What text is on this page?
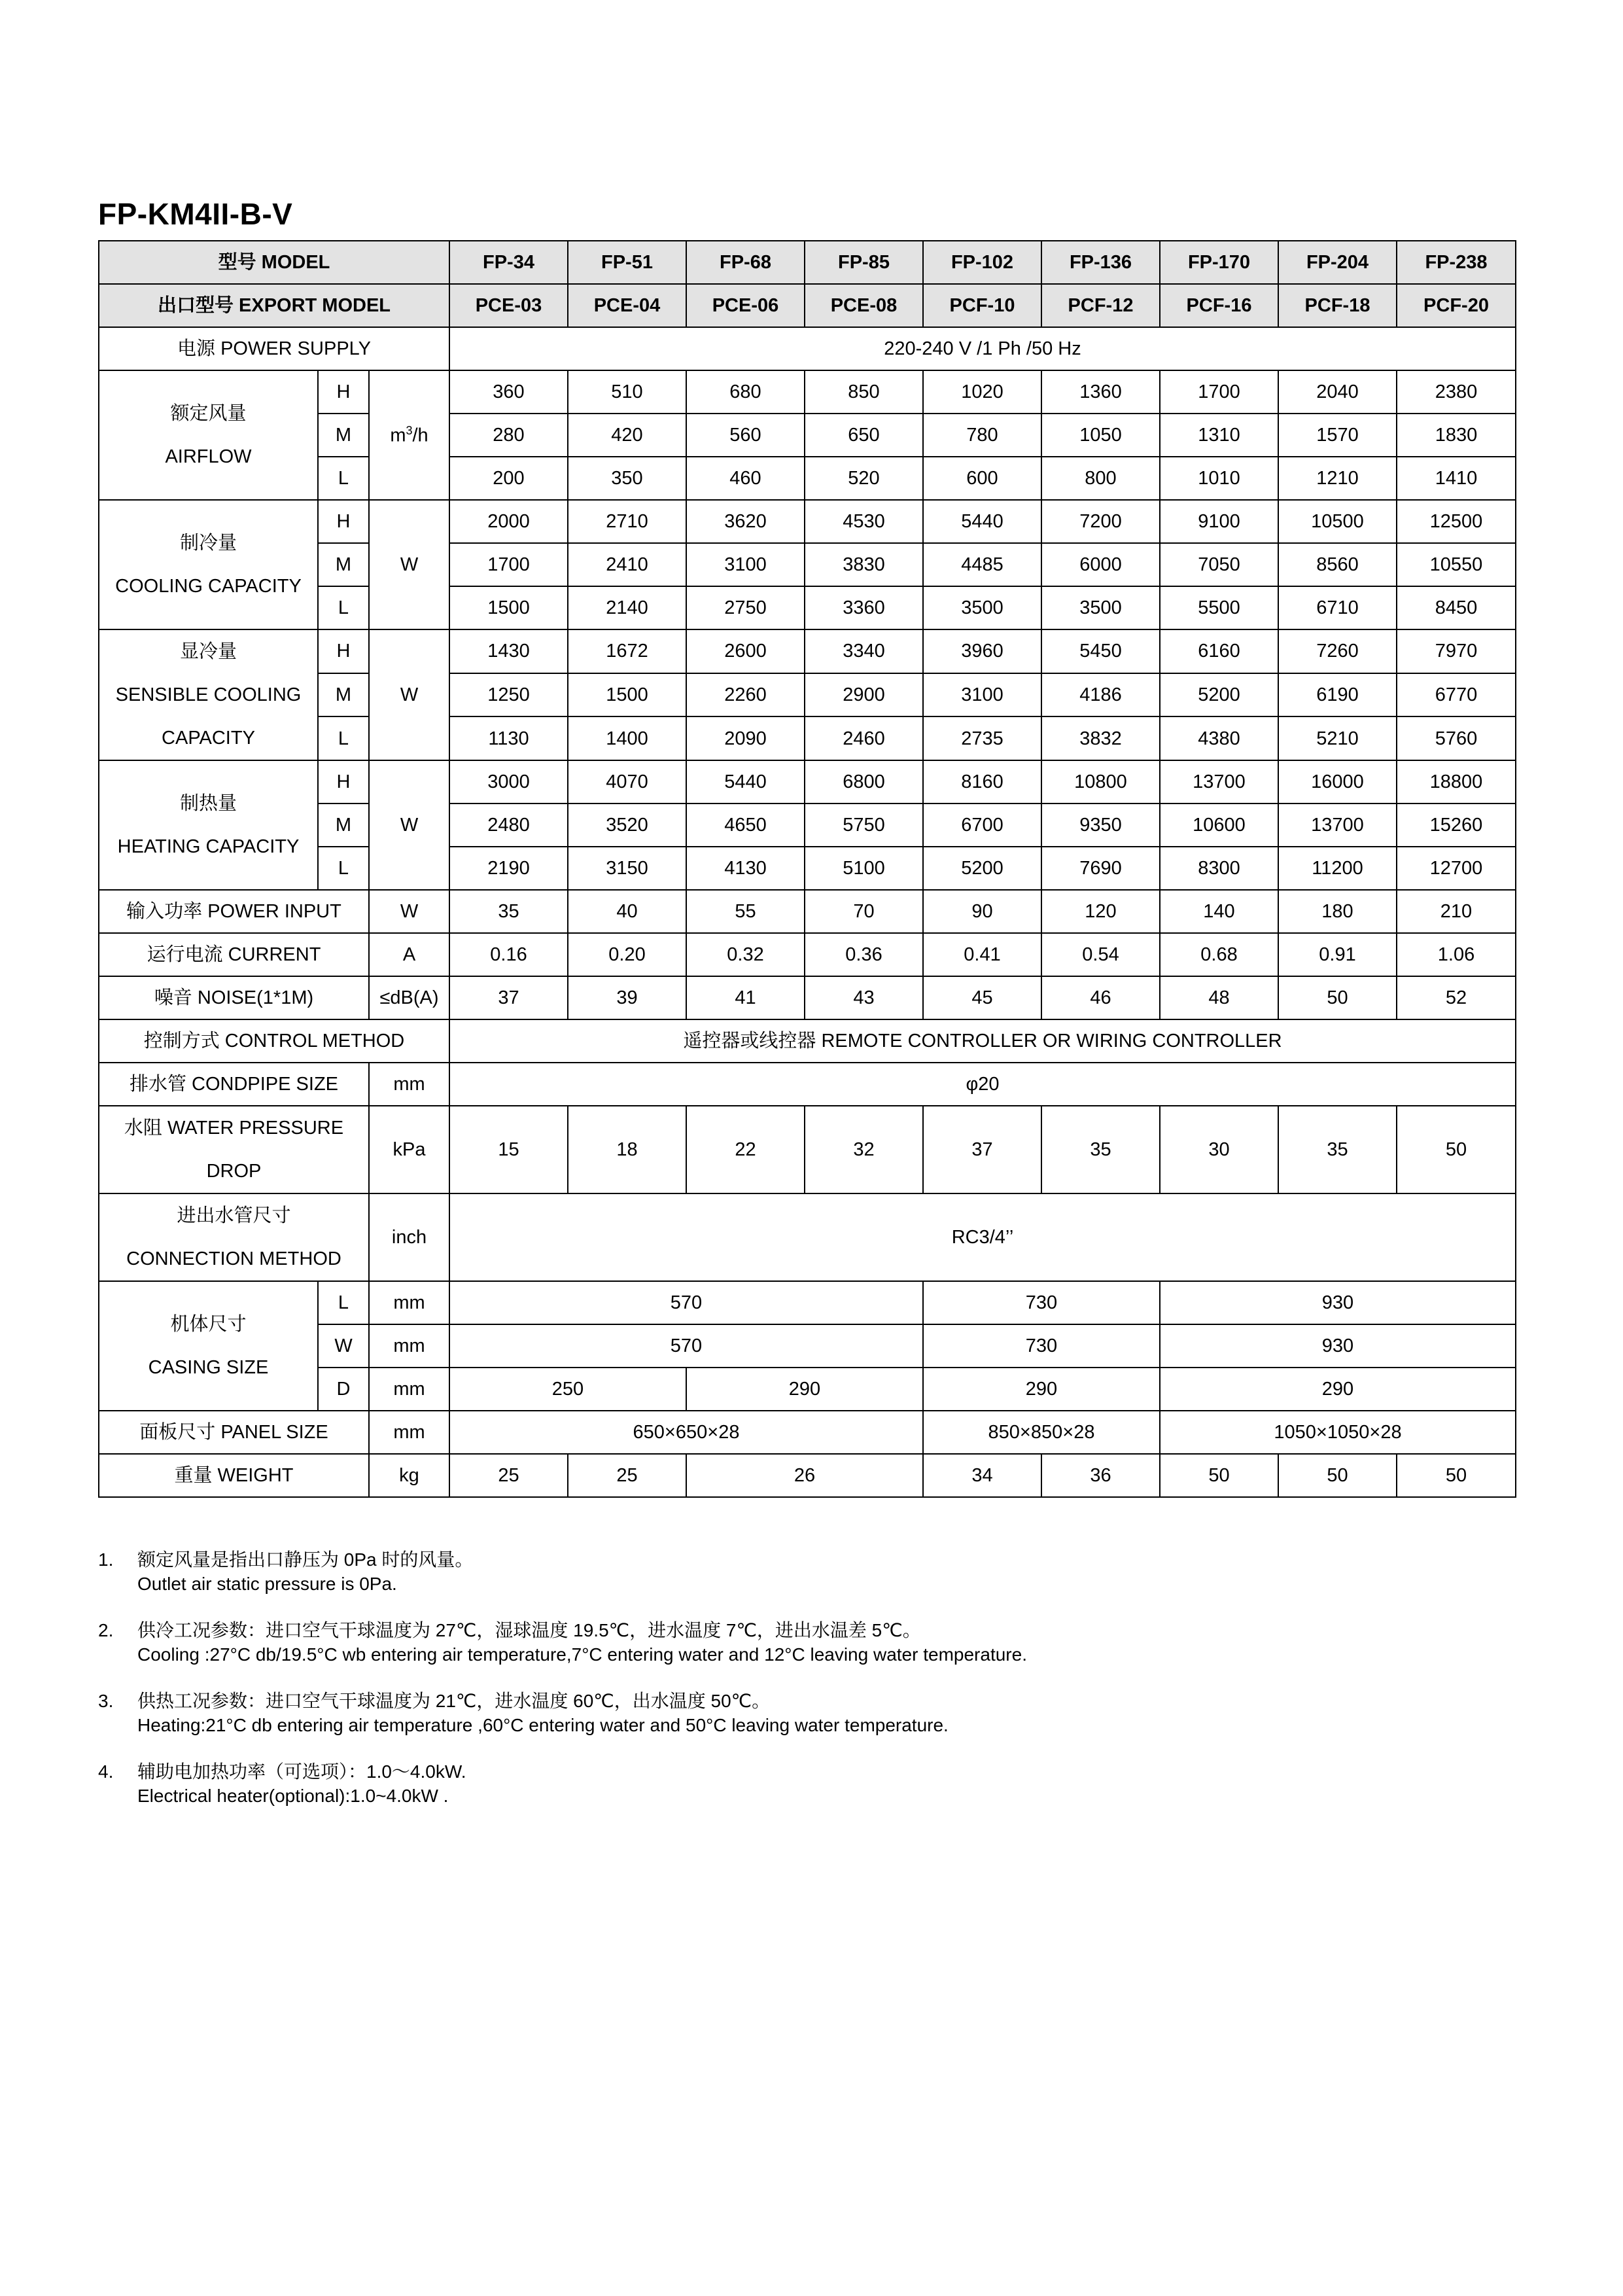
FP-KM4II-B-V
型号 MODEL			FP-34	FP-51	FP-68	FP-85	FP-102	FP-136	FP-170	FP-204	FP-238
出口型号 EXPORT MODEL			PCE-03	PCE-04	PCE-06	PCE-08	PCF-10	PCF-12	PCF-16	PCF-18	PCF-20
电源 POWER SUPPLY			220-240 V /1 Ph /50 Hz								

额定风量
AIRFLOW	H	$m^3/h$	360	510	680	850	1020	1360	1700	2040	2380
	M		280	420	560	650	780	1050	1310	1570	1830
	L		200	350	460	520	600	800	1010	1210	1410

制冷量
COOLING CAPACITY	H	W	2000	2710	3620	4530	5440	7200	9100	10500	12500
	M		1700	2410	3100	3830	4485	6000	7050	8560	10550
	L		1500	2140	2750	3360	3500	3500	5500	6710	8450

显冷量
SENSIBLE COOLING
CAPACITY	H	W	1430	1672	2600	3340	3960	5450	6160	7260	7970
	M		1250	1500	2260	2900	3100	4186	5200	6190	6770
	L		1130	1400	2090	2460	2735	3832	4380	5210	5760

制热量
HEATING CAPACITY	H	W	3000	4070	5440	6800	8160	10800	13700	16000	18800
	M		2480	3520	4650	5750	6700	9350	10600	13700	15260
	L		2190	3150	4130	5100	5200	7690	8300	11200	12700
输入功率 POWER INPUT		W	35	40	55	70	90	120	140	180	210
运行电流 CURRENT		A	0.16	0.20	0.32	0.36	0.41	0.54	0.68	0.91	1.06
噪音 NOISE(1*1M)		≤dB(A)	37	39	41	43	45	46	48	50	52
控制方式 CONTROL METHOD			遥控器或线控器 REMOTE CONTROLLER OR WIRING CONTROLLER								
排水管 CONDPIPE SIZE		mm	φ20								

水阻 WATER PRESSURE
DROP		kPa	15	18	22	32	37	35	30	35	50

进出水管尺寸
CONNECTION METHOD		inch	RC3/4’’								

机体尺寸
CASING SIZE	L	mm	570				730		930		
	W	mm	570				730		930		
	D	mm	250		290		290		290		
面板尺寸 PANEL SIZE		mm	650×650×28				850×850×28		1050×1050×28		
重量 WEIGHT		kg	25	25	26		34	36	50	50	50
1.	额定风量是指出口静压为 0Pa 时的风量。
Outlet air static pressure is 0Pa.
2.	供冷工况参数：进口空气干球温度为 27℃，湿球温度 19.5℃，进水温度 7℃，进出水温差 5℃。
Cooling :27°C db/19.5°C wb entering air temperature,7°C entering water and 12°C leaving water temperature.
3.	供热工况参数：进口空气干球温度为 21℃，进水温度 60℃，出水温度 50℃。
Heating:21°C db entering air temperature ,60°C entering water and 50°C leaving water temperature.
4.	辅助电加热功率（可选项）：1.0～4.0kW.
Electrical heater(optional):1.0~4.0kW .
